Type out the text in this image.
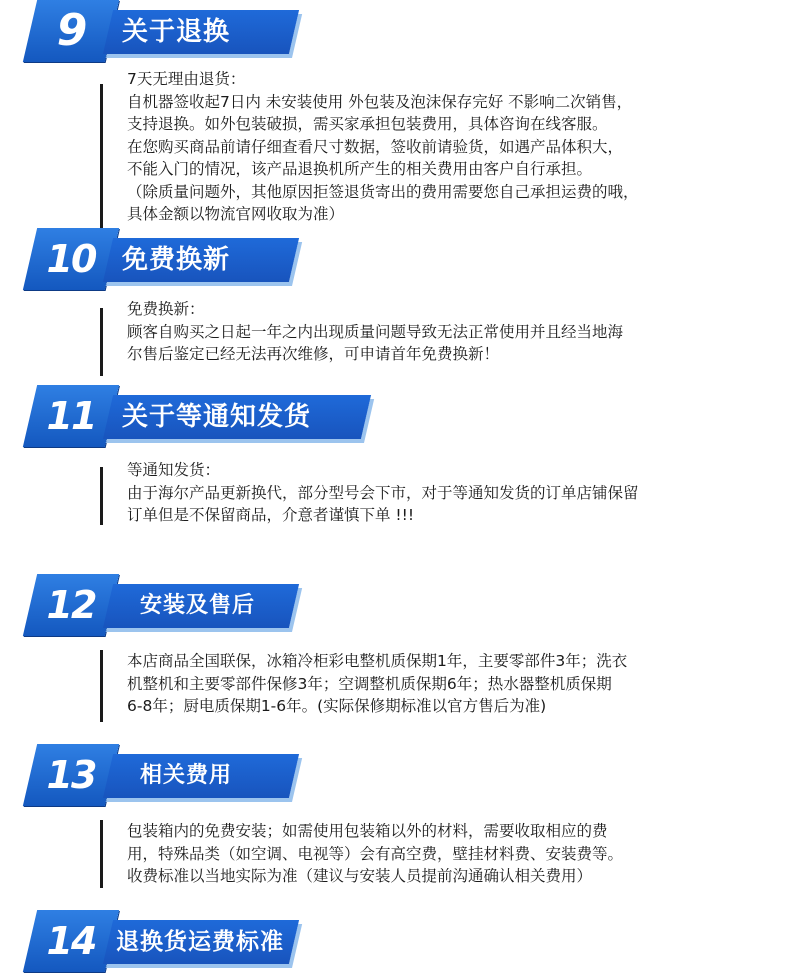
9	关于退换

7天无理由退货：

自机器签收起7日内 未安装使用 外包装及泡沫保存完好 不影响二次销售，

支持退换。如外包装破损，需买家承担包装费用，具体咨询在线客服。

在您购买商品前请仔细查看尺寸数据，签收前请验货，如遇产品体积大，

不能入门的情况，该产品退换机所产生的相关费用由客户自行承担。

（除质量问题外，其他原因拒签退货寄出的费用需要您自己承担运费的哦，

具体金额以物流官网收取为准）

10	免费换新

免费换新：

顾客自购买之日起一年之内出现质量问题导致无法正常使用并且经当地海

尔售后鉴定已经无法再次维修，可申请首年免费换新！

11	关于等通知发货

等通知发货：

由于海尔产品更新换代，部分型号会下市，对于等通知发货的订单店铺保留

订单但是不保留商品，介意者谨慎下单 !!!

12	安装及售后

本店商品全国联保，冰箱冷柜彩电整机质保期1年，主要零部件3年；洗衣

机整机和主要零部件保修3年；空调整机质保期6年；热水器整机质保期

6-8年；厨电质保期1-6年。(实际保修期标准以官方售后为准)

13	相关费用

包装箱内的免费安装；如需使用包装箱以外的材料，需要收取相应的费

用，特殊品类（如空调、电视等）会有高空费，壁挂材料费、安装费等。

收费标准以当地实际为准（建议与安装人员提前沟通确认相关费用）

14 退换货运费标准
